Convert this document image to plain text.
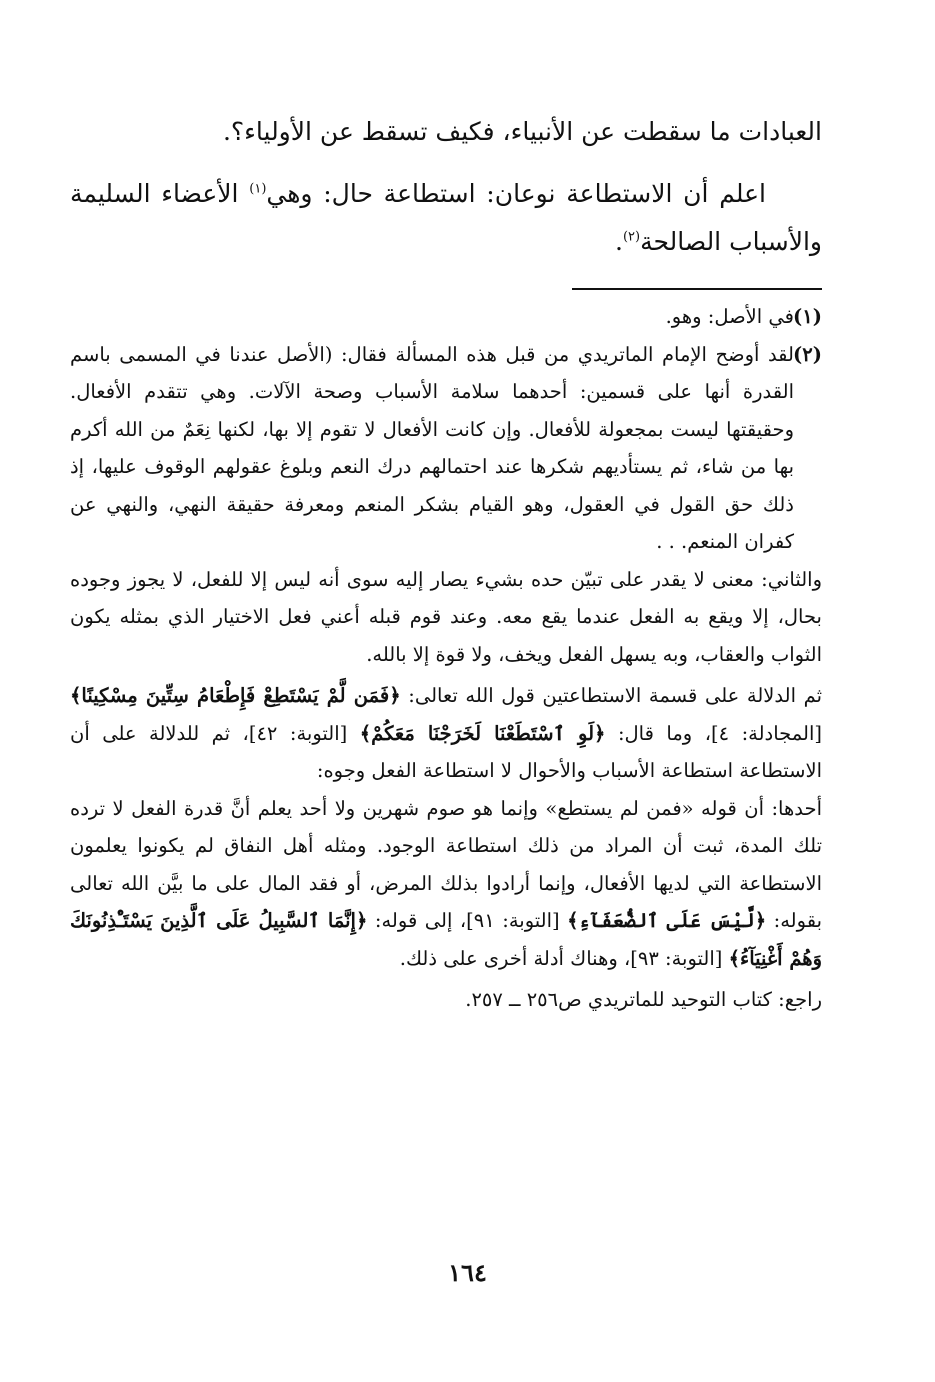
العبادات ما سقطت عن الأنبياء، فكيف تسقط عن الأولياء؟.

اعلم أن الاستطاعة نوعان: استطاعة حال: وهي$^{(١)}$ الأعضاء السليمة والأسباب الصالحة$^{(٢)}$.

(١)
في الأصل: وهو.
(٢)
لقد أوضح الإمام الماتريدي من قبل هذه المسألة فقال: (الأصل عندنا في المسمى باسم القدرة أنها على قسمين: أحدهما سلامة الأسباب وصحة الآلات. وهي تتقدم الأفعال. وحقيقتها ليست بمجعولة للأفعال. وإن كانت الأفعال لا تقوم إلا بها، لكنها نِعَمٌ من الله أكرم بها من شاء، ثم يستأديهم شكرها عند احتمالهم درك النعم وبلوغ عقولهم الوقوف عليها، إذ ذلك حق القول في العقول، وهو القيام بشكر المنعم ومعرفة حقيقة النهي، والنهي عن كفران المنعم. . .

والثاني: معنى لا يقدر على تبيّن حده بشيء يصار إليه سوى أنه ليس إلا للفعل، لا يجوز وجوده بحال، إلا ويقع به الفعل عندما يقع معه. وعند قوم قبله أعني فعل الاختيار الذي بمثله يكون الثواب والعقاب، وبه يسهل الفعل ويخف، ولا قوة إلا بالله.

ثم الدلالة على قسمة الاستطاعتين قول الله تعالى: ﴿فَمَن لَّمْ يَسْتَطِعْ فَإِطْعَامُ سِتِّينَ مِسْكِينًا﴾ [المجادلة: ٤]، وما قال: ﴿لَوِ ٱسْتَطَعْنَا لَخَرَجْنَا مَعَكُمْ﴾ [التوبة: ٤٢]، ثم للدلالة على أن الاستطاعة استطاعة الأسباب والأحوال لا استطاعة الفعل وجوه:

أحدها: أن قوله «فمن لم يستطع» وإنما هو صوم شهرين ولا أحد يعلم أنَّ قدرة الفعل لا ترده تلك المدة، ثبت أن المراد من ذلك استطاعة الوجود. ومثله أهل النفاق لم يكونوا يعلمون الاستطاعة التي لديها الأفعال، وإنما أرادوا بذلك المرض، أو فقد المال على ما بيَّن الله تعالى بقوله: ﴿لَّيْسَ عَلَى ٱلضُّعَفَآءِ﴾ [التوبة: ٩١]، إلى قوله: ﴿إِنَّمَا ٱلسَّبِيلُ عَلَى ٱلَّذِينَ يَسْتَـْٔذِنُونَكَ وَهُمْ أَغْنِيَآءُ﴾ [التوبة: ٩٣]، وهناك أدلة أخرى على ذلك.

راجع: كتاب التوحيد للماتريدي ص٢٥٦ ــ ٢٥٧.

١٦٤
